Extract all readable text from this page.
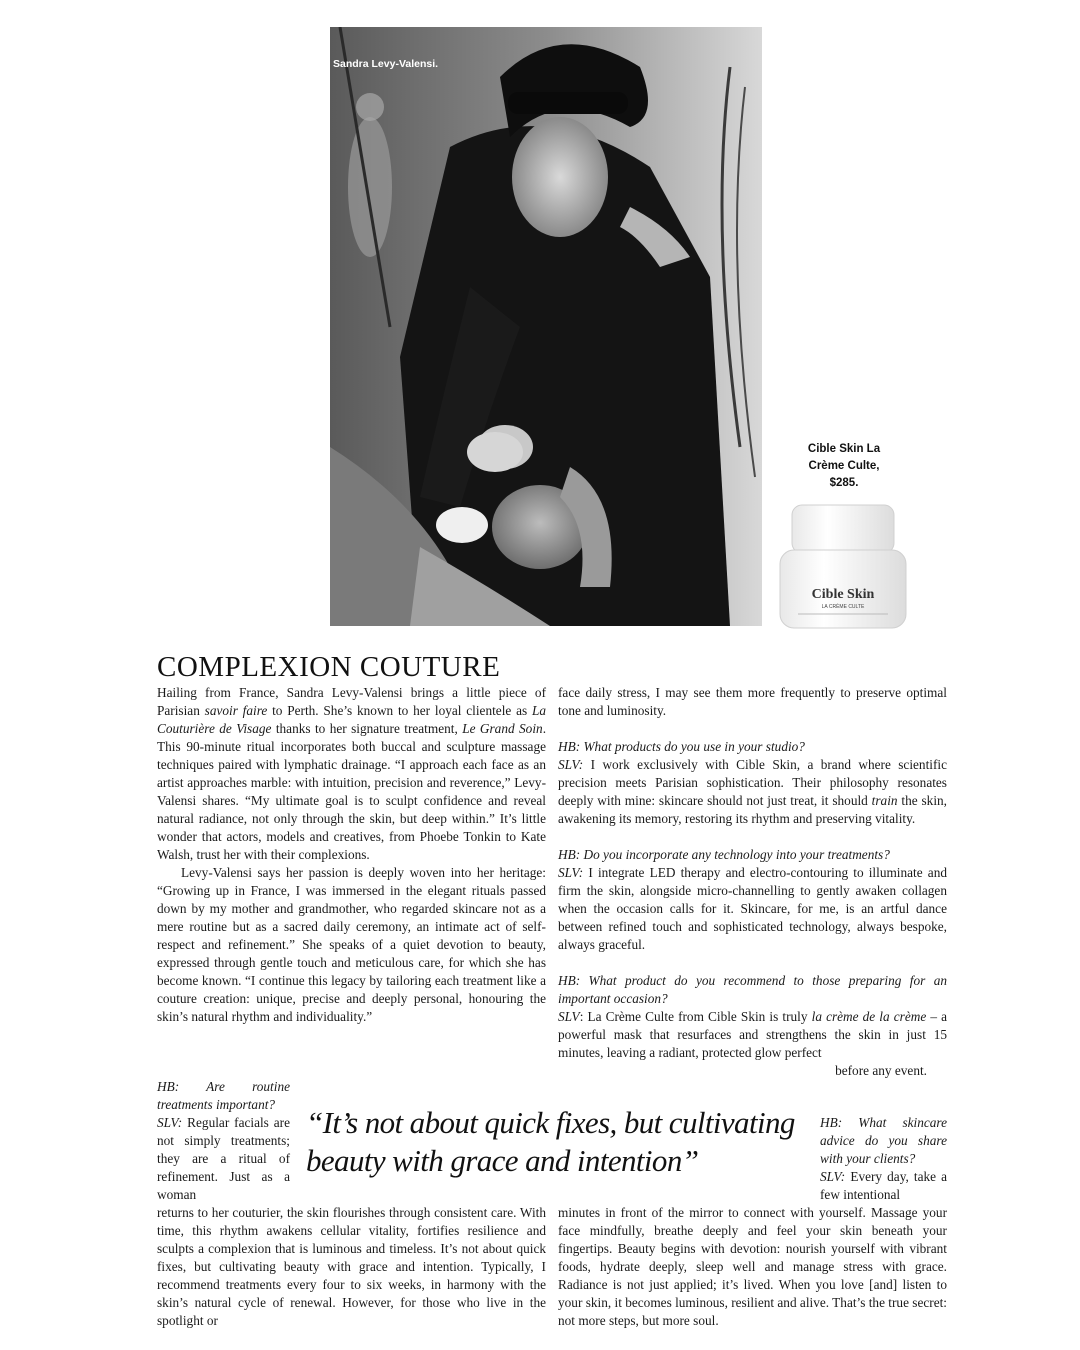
Sandra Levy-Valensi.
Cible Skin La
Crème Culte,
$285.
Cible Skin
LA CRÈME CULTE
COMPLEXION COUTURE

Hailing from France, Sandra Levy-Valensi brings a little piece of Parisian savoir faire to Perth. She’s known to her loyal clientele as La Couturière de Visage thanks to her signature treatment, Le Grand Soin. This 90-minute ritual incorporates both buccal and sculpture massage techniques paired with lymphatic drainage. “I approach each face as an artist approaches marble: with intuition, precision and reverence,” Levy-Valensi shares. “My ultimate goal is to sculpt confidence and reveal natural radiance, not only through the skin, but deep within.” It’s little wonder that actors, models and creatives, from Phoebe Tonkin to Kate Walsh, trust her with their complexions.

Levy-Valensi says her passion is deeply woven into her heritage: “Growing up in France, I was immersed in the elegant rituals passed down by my mother and grandmother, who regarded skincare not as a mere routine but as a sacred daily ceremony, an intimate act of self-respect and refinement.” She speaks of a quiet devotion to beauty, expressed through gentle touch and meticulous care, for which she has become known. “I continue this legacy by tailoring each treatment like a couture creation: unique, precise and deeply personal, honouring the skin’s natural rhythm and individuality.”

face daily stress, I may see them more frequently to preserve optimal tone and luminosity.

HB: What products do you use in your studio?

SLV: I work exclusively with Cible Skin, a brand where scientific precision meets Parisian sophistication. Their philosophy resonates deeply with mine: skincare should not just treat, it should train the skin, awakening its memory, restoring its rhythm and preserving vitality.

HB: Do you incorporate any technology into your treatments?

SLV: I integrate LED therapy and electro-contouring to illuminate and firm the skin, alongside micro-channelling to gently awaken collagen when the occasion calls for it. Skincare, for me, is an artful dance between refined touch and sophisticated technology, always bespoke, always graceful.

HB: What product do you recommend to those preparing for an important occasion?

SLV: La Crème Culte from Cible Skin is truly la crème de la crème – a powerful mask that resurfaces and strengthens the skin in just 15 minutes, leaving a radiant, protected glow perfect

before any event.

HB: Are routine treatments important?

SLV: Regular facials are not simply treatments; they are a ritual of refinement. Just as a woman

“It’s not about quick fixes, but cultivating beauty with grace and intention”

HB: What skincare advice do you share with your clients?

SLV: Every day, take a few intentional

returns to her couturier, the skin flourishes through consistent care. With time, this rhythm awakens cellular vitality, fortifies resilience and sculpts a complexion that is luminous and timeless. It’s not about quick fixes, but cultivating beauty with grace and intention. Typically, I recommend treatments every four to six weeks, in harmony with the skin’s natural cycle of renewal. However, for those who live in the spotlight or
minutes in front of the mirror to connect with yourself. Massage your face mindfully, breathe deeply and feel your skin beneath your fingertips. Beauty begins with devotion: nourish yourself with vibrant foods, hydrate deeply, sleep well and manage stress with grace. Radiance is not just applied; it’s lived. When you love [and] listen to your skin, it becomes luminous, resilient and alive. That’s the true secret: not more steps, but more soul.
